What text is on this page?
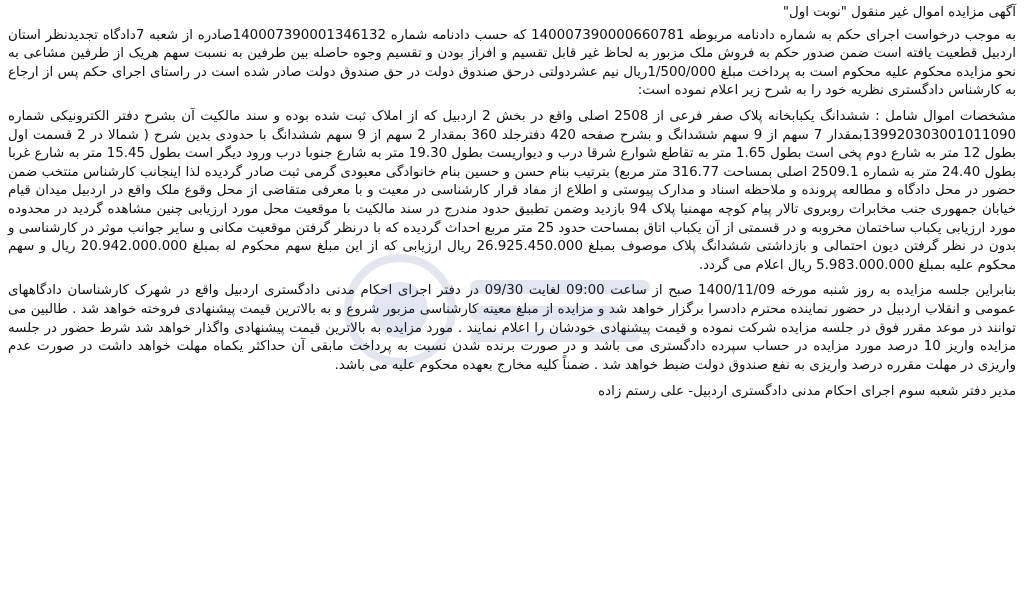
آگهی مزایده اموال غیر منقول "نوبت اول"

به موجب درخواست اجرای حکم به شماره دادنامه مربوطه 140007390000660781 که حسب دادنامه شماره 140007390001346132صادره از شعبه 7دادگاه تجدیدنظر استان اردبیل قطعیت یافته است ضمن صدور حکم به فروش ملک مزبور به لحاظ غیر قابل تقسیم و افراز بودن و تقسیم وجوه حاصله بین طرفین به نسبت سهم هریک از طرفین مشاعی به نحو مزایده محکوم علیه محکوم است به پرداخت مبلغ 1/500/000ریال نیم عشردولتی درحق صندوق دولت در حق صندوق دولت صادر شده است در راستای اجرای حکم پس از ارجاع به کارشناس دادگستری نظریه خود را به شرح زیر اعلام نموده است:

مشخصات اموال شامل : ششدانگ یکبابخانه پلاک صفر فرعی از 2508 اصلی واقع در بخش 2 اردبیل که از املاک ثبت شده بوده و سند مالکیت آن بشرح دفتر الکترونیکی شماره 139920303001011090بمقدار 7 سهم از 9 سهم ششدانگ و بشرح صفحه 420 دفترجلد 360 بمقدار 2 سهم از 9 سهم ششدانگ با حدودی بدین شرح ( شمالا در 2 قسمت اول بطول 12 متر به شارع دوم پخی است بطول 1.65 متر به تقاطع شوارع شرقا درب و دیواریست بطول 19.30 متر به شارع جنوبا درب ورود دیگر است بطول 15.45 متر به شارع غربا بطول 24.40 متر به شماره 2509.1 اصلی بمساحت 316.77 متر مربع) بترتیب بنام حسن و حسین بنام خانوادگی معبودی گرمی ثبت صادر گردیده لذا اینجانب کارشناس منتخب ضمن حضور در محل دادگاه و مطالعه پرونده و ملاحظه اسناد و مدارک پیوستی و اطلاع از مفاد قرار کارشناسی در معیت و با معرفی متقاضی از محل وقوع ملک واقع در اردبیل میدان قیام خیابان جمهوری جنب مخابرات روبروی تالار پیام کوچه مهمنیا پلاک 94 بازدید وضمن تطبیق حدود مندرج در سند مالکیت با موقعیت محل مورد ارزیابی چنین مشاهده گردید در محدوده مورد ارزیابی یکباب ساختمان مخروبه و در قسمتی از آن یکباب اتاق بمساحت حدود 25 متر مربع احداث گردیده که با درنظر گرفتن موقعیت مکانی و سایر جوانب موثر در کارشناسی و بدون در نظر گرفتن دیون احتمالی و بازداشتی ششدانگ پلاک موصوف بمبلغ 26.925.450.000 ریال ارزیابی که از این مبلغ سهم محکوم له بمبلغ 20.942.000.000 ریال و سهم محکوم علیه بمبلغ 5.983.000.000 ریال اعلام می گردد.

بنابراین جلسه مزایده به روز شنبه مورخه 1400/11/09 صبح از ساعت 09:00 لغایت 09/30 در دفتر اجرای احکام مدنی دادگستری اردبیل واقع در شهرک کارشناسان دادگاههای عمومی و انقلاب اردبیل در حضور نماینده محترم دادسرا برگزار خواهد شد و مزایده از مبلغ معینه کارشناسی مزبور شروع و به بالاترین قیمت پیشنهادی فروخته خواهد شد . طالبین می توانند در موعد مقرر فوق در جلسه مزایده شرکت نموده و قیمت پیشنهادی خودشان را اعلام نمایند . مورد مزایده به بالاترین قیمت پیشنهادی واگذار خواهد شد شرط حضور در جلسه مزایده واریز 10 درصد مورد مزایده در حساب سپرده دادگستری می باشد و در صورت برنده شدن نسبت به پرداخت مابقی آن حداکثر یکماه مهلت خواهد داشت در صورت عدم واریزی در مهلت مقرره درصد واریزی به نفع صندوق دولت ضبط خواهد شد . ضمناً کلیه مخارج بعهده محکوم علیه می باشد.

مدیر دفتر شعبه سوم اجرای احکام مدنی دادگستری اردبیل- علی رستم زاده
